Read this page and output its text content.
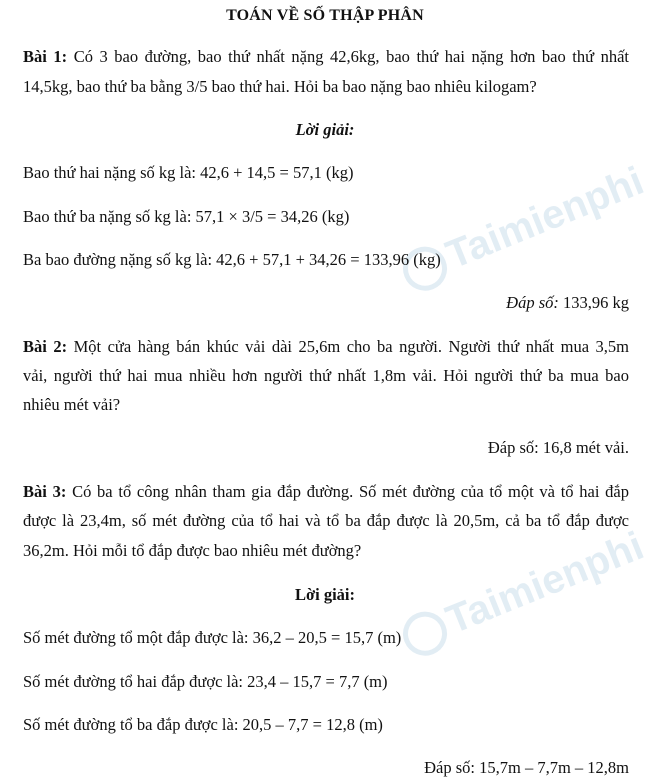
Taimienphi
Taimienphi
TOÁN VỀ SỐ THẬP PHÂN
Bài 1: Có 3 bao đường, bao thứ nhất nặng 42,6kg, bao thứ hai nặng hơn bao thứ nhất
14,5kg, bao thứ ba bằng 3/5 bao thứ hai. Hỏi ba bao nặng bao nhiêu kilogam?
Lời giải:
Bao thứ hai nặng số kg là: 42,6 + 14,5 = 57,1 (kg)
Bao thứ ba nặng số kg là: 57,1 × 3/5 = 34,26 (kg)
Ba bao đường nặng số kg là: 42,6 + 57,1 + 34,26 = 133,96 (kg)
Đáp số: 133,96 kg
Bài 2: Một cửa hàng bán khúc vải dài 25,6m cho ba người. Người thứ nhất mua 3,5m
vải, người thứ hai mua nhiều hơn người thứ nhất 1,8m vải. Hỏi người thứ ba mua bao
nhiêu mét vải?
Đáp số: 16,8 mét vải.
Bài 3: Có ba tổ công nhân tham gia đắp đường. Số mét đường của tổ một và tổ hai đắp
được là 23,4m, số mét đường của tổ hai và tổ ba đắp được là 20,5m, cả ba tổ đắp được
36,2m. Hỏi mỗi tổ đắp được bao nhiêu mét đường?
Lời giải:
Số mét đường tổ một đắp được là: 36,2 – 20,5 = 15,7 (m)
Số mét đường tổ hai đắp được là: 23,4 – 15,7 = 7,7 (m)
Số mét đường tổ ba đắp được là: 20,5 – 7,7 = 12,8 (m)
Đáp số: 15,7m – 7,7m – 12,8m
